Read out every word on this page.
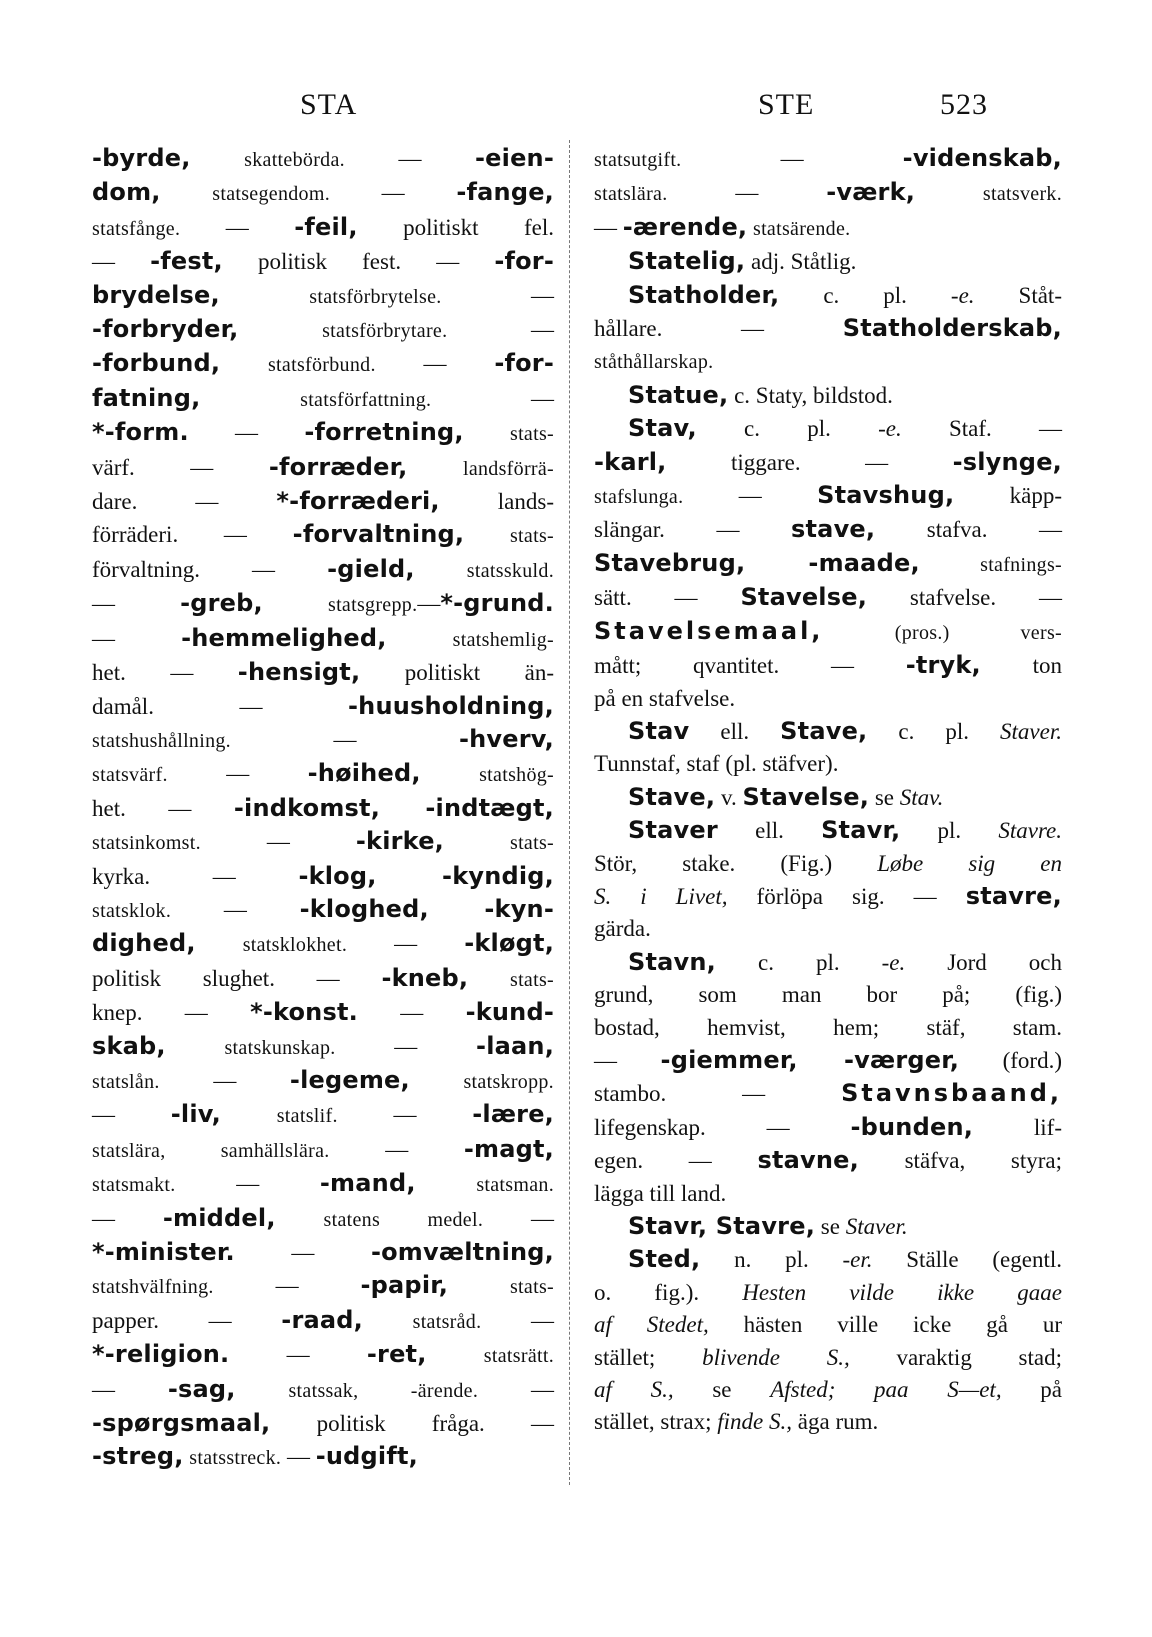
STA	STE	523
-byrde,	skattebörda. — -eien-
dom,	statsegendom. — -fange,
statsfånge. — -feil, politiskt fel.
— -fest, politisk fest. — -for-
brydelse,	statsförbrytelse. —
-forbryder,	statsförbrytare. —
-forbund, statsförbund. — -for-
fatning,	statsförfattning. —
*-form. — -forretning, stats-
värf. — -forræder,	landsförrä-
dare. — *-forræderi, lands-
förräderi. — -forvaltning, stats-
förvaltning. — -gield,	statsskuld.
— -greb,	statsgrepp.—*-grund.
— -hemmelighed,	statshemlig-
het. — -hensigt, politiskt än-
damål. — -huusholdning,
statshushållning. — -hverv,
statsvärf. — -høihed,	statshög-
het. — -indkomst, -indtægt,
statsinkomst. — -kirke,	stats-
kyrka. — -klog, -kyndig,
statsklok. — -kloghed, -kyn-
dighed, statsklokhet. — -kløgt,
politisk slughet. — -kneb, stats-
knep. — *-konst. — -kund-
skab,	statskunskap. — -laan,
statslån. — -legeme,	statskropp.
— -liv,	statslif. — -lære,
statslära, samhällslära. — -magt,
statsmakt. — -mand,	statsman.
— -middel, statens medel. —
*-minister. — -omvæltning,
statshvälfning. — -papir,	stats-
papper. — -raad, statsråd. —
*-religion. — -ret,	statsrätt.
— -sag,	statssak, -ärende. —
-spørgsmaal, politisk fråga. —
-streg, statsstreck. — -udgift,
statsutgift. — -videnskab,
statslära. — -værk,	statsverk.
— -ærende, statsärende.
Statelig, adj. Ståtlig.
Statholder, c. pl. -e. Ståt-
hållare. — Statholderskab,
ståthållarskap.
Statue, c. Staty, bildstod.
Stav, c. pl. -e. Staf. —
-karl, tiggare. — -slynge,
stafslunga. — Stavshug, käpp-
slängar. — stave, stafva. —
Stavebrug, -maade,	stafnings-
sätt. — Stavelse, stafvelse. —
Stavelsemaal,	(pros.) vers-
mått; qvantitet. — -tryk, ton
på en stafvelse.
Stav ell. Stave, c. pl. Staver.
Tunnstaf, staf (pl. stäfver).
Stave, v. Stavelse, se Stav.
Staver ell. Stavr, pl. Stavre.
Stör, stake. (Fig.) Løbe sig en
S. i Livet, förlöpa sig. — stavre,
gärda.
Stavn, c. pl. -e. Jord och
grund, som man bor på; (fig.)
bostad, hemvist, hem; stäf, stam.
— -giemmer, -værger, (ford.)
stambo. — Stavnsbaand,
lifegenskap. — -bunden, lif-
egen. — stavne, stäfva, styra;
lägga till land.
Stavr, Stavre, se Staver.
Sted, n. pl. -er. Ställe (egentl.
o. fig.). Hesten vilde ikke gaae
af Stedet, hästen ville icke gå ur
stället; blivende S., varaktig stad;
af S., se Afsted; paa S—et, på
stället, strax; finde S., äga rum.
